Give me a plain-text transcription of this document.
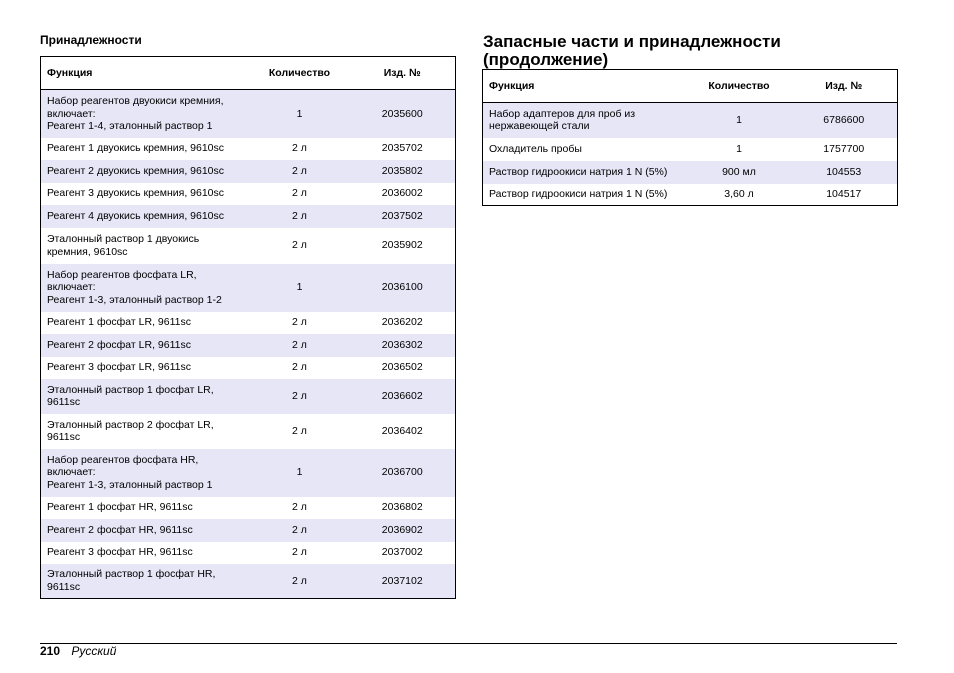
Принадлежности
Функция	Количество	Изд. №
Набор реагентов двуокиси кремния,
включает:
Реагент 1-4, эталонный раствор 1	1	2035600
Реагент 1 двуокись кремния, 9610sc	2 л	2035702
Реагент 2 двуокись кремния, 9610sc	2 л	2035802
Реагент 3 двуокись кремния, 9610sc	2 л	2036002
Реагент 4 двуокись кремния, 9610sc	2 л	2037502
Эталонный раствор 1 двуокись
кремния, 9610sc	2 л	2035902
Набор реагентов фосфата LR,
включает:
Реагент 1-3, эталонный раствор 1-2	1	2036100
Реагент 1 фосфат LR, 9611sc	2 л	2036202
Реагент 2 фосфат LR, 9611sc	2 л	2036302
Реагент 3 фосфат LR, 9611sc	2 л	2036502
Эталонный раствор 1 фосфат LR,
9611sc	2 л	2036602
Эталонный раствор 2 фосфат LR,
9611sc	2 л	2036402
Набор реагентов фосфата HR,
включает:
Реагент 1-3, эталонный раствор 1	1	2036700
Реагент 1 фосфат HR, 9611sc	2 л	2036802
Реагент 2 фосфат HR, 9611sc	2 л	2036902
Реагент 3 фосфат HR, 9611sc	2 л	2037002
Эталонный раствор 1 фосфат HR,
9611sc	2 л	2037102
Запасные части и принадлежности (продолжение)
Функция	Количество	Изд. №
Набор адаптеров для проб из
нержавеющей стали	1	6786600
Охладитель пробы	1	1757700
Раствор гидроокиси натрия 1 N (5%)	900 мл	104553
Раствор гидроокиси натрия 1 N (5%)	3,60 л	104517
210 Русский
